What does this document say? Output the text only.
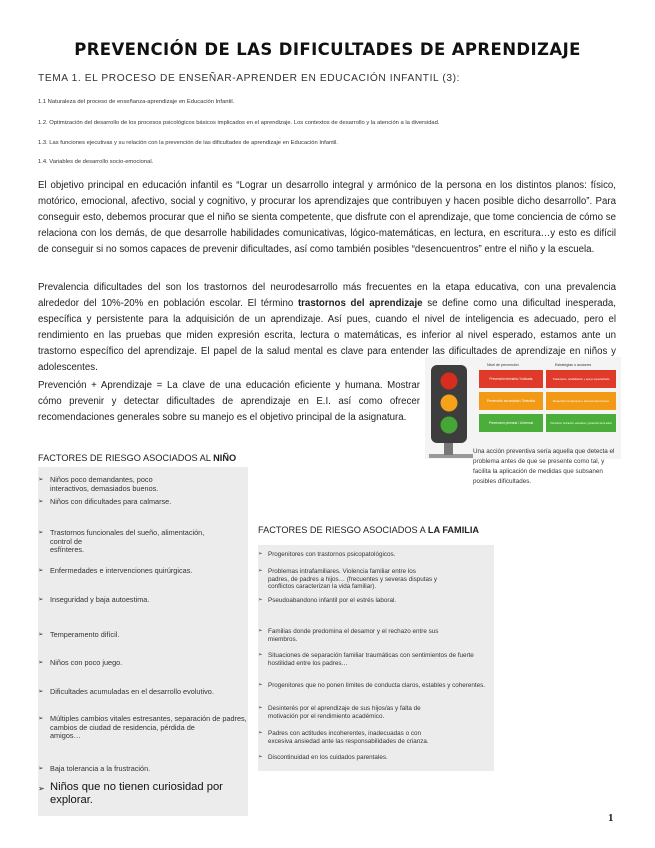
PREVENCIÓN DE LAS DIFICULTADES DE APRENDIZAJE
TEMA 1. EL PROCESO DE ENSEÑAR-APRENDER EN EDUCACIÓN INFANTIL (3):
1.1 Naturaleza del proceso de enseñanza-aprendizaje en Educación Infantil.
1.2. Optimización del desarrollo de los procesos psicológicos básicos implicados en el aprendizaje. Los contextos de desarrollo y la atención a la diversidad.
1.3. Las funciones ejecutivas y su relación con la prevención de las dificultades de aprendizaje en Educación Infantil.
1.4. Variables de desarrollo socio-emocional.
El objetivo principal en educación infantil es “Lograr un desarrollo integral y armónico de la persona en los distintos planos: físico, motórico, emocional, afectivo, social y cognitivo, y procurar los aprendizajes que contribuyen y hacen posible dicho desarrollo”. Para conseguir esto, debemos procurar que el niño se sienta competente, que disfrute con el aprendizaje, que tome conciencia de cómo se relaciona con los demás, de que desarrolle habilidades comunicativas, lógico-matemáticas, en lectura, en escritura…y esto es difícil de conseguir si no somos capaces de prevenir dificultades, así como también posibles “desencuentros” entre el niño y la escuela.
Prevalencia dificultades del son los trastornos del neurodesarrollo más frecuentes en la etapa educativa, con una prevalencia alrededor del 10%-20% en población escolar. El término trastornos del aprendizaje se define como una dificultad inesperada, específica y persistente para la adquisición de un aprendizaje. Así pues, cuando el nivel de inteligencia es adecuado, pero el rendimiento en las pruebas que miden expresión escrita, lectura o matemáticas, es inferior al nivel esperado, estamos ante un trastorno específico del aprendizaje. El papel de la salud mental es clave para entender las dificultades de aprendizaje en niños y adolescentes.
Prevención + Aprendizaje = La clave de una educación eficiente y humana. Mostrar cómo prevenir y detectar dificultades de aprendizaje en E.I. así como ofrecer recomendaciones generales sobre su manejo es el objetivo principal de la asignatura.
Nivel de prevención	Estrategias o acciones
Prevención terciaria / Indicada	Tratamiento, rehabilitación y apoyo especializado
Prevención secundaria / Selectiva	Detección temprana e intervención breve
Prevención primaria / Universal	Promoción, formación, educación y protección de la salud
Una acción preventiva sería aquella que detecta el problema antes de que se presente como tal, y facilita la aplicación de medidas que subsanen posibles dificultades.
FACTORES DE RIESGO ASOCIADOS AL NIÑO
➢ Niños poco demandantes, poco
interactivos, demasiados buenos.
➢ Niños con dificultades para calmarse.
➢ Trastornos funcionales del sueño, alimentación,
control de
esfínteres.
➢ Enfermedades e intervenciones quirúrgicas.
➢ Inseguridad y baja autoestima.
➢ Temperamento difícil.
➢ Niños con poco juego.
➢ Dificultades acumuladas en el desarrollo evolutivo.
➢ Múltiples cambios vitales estresantes, separación de padres,
cambios de ciudad de residencia, pérdida de
amigos…
➢ Baja tolerancia a la frustración.
➢ Niños que no tienen curiosidad por
explorar.
FACTORES DE RIESGO ASOCIADOS A LA FAMILIA
➢ Progenitores con trastornos psicopatológicos.
➢ Problemas intrafamiliares. Violencia familiar entre los
padres, de padres a hijos… (frecuentes y severas disputas y
conflictos caracterizan la vida familiar).
➢ Pseudoabandono infantil por el estrés laboral.
➢ Familias donde predomina el desamor y el rechazo entre sus
miembros.
➢ Situaciones de separación familiar traumáticas con sentimientos de fuerte
hostilidad entre los padres…
➢ Progenitores que no ponen límites de conducta claros, estables y coherentes.
➢ Desinterés por el aprendizaje de sus hijos/as y falta de
motivación por el rendimiento académico.
➢ Padres con actitudes incoherentes, inadecuadas o con
excesiva ansiedad ante las responsabilidades de crianza.
➢ Discontinuidad en los cuidados parentales.
1
